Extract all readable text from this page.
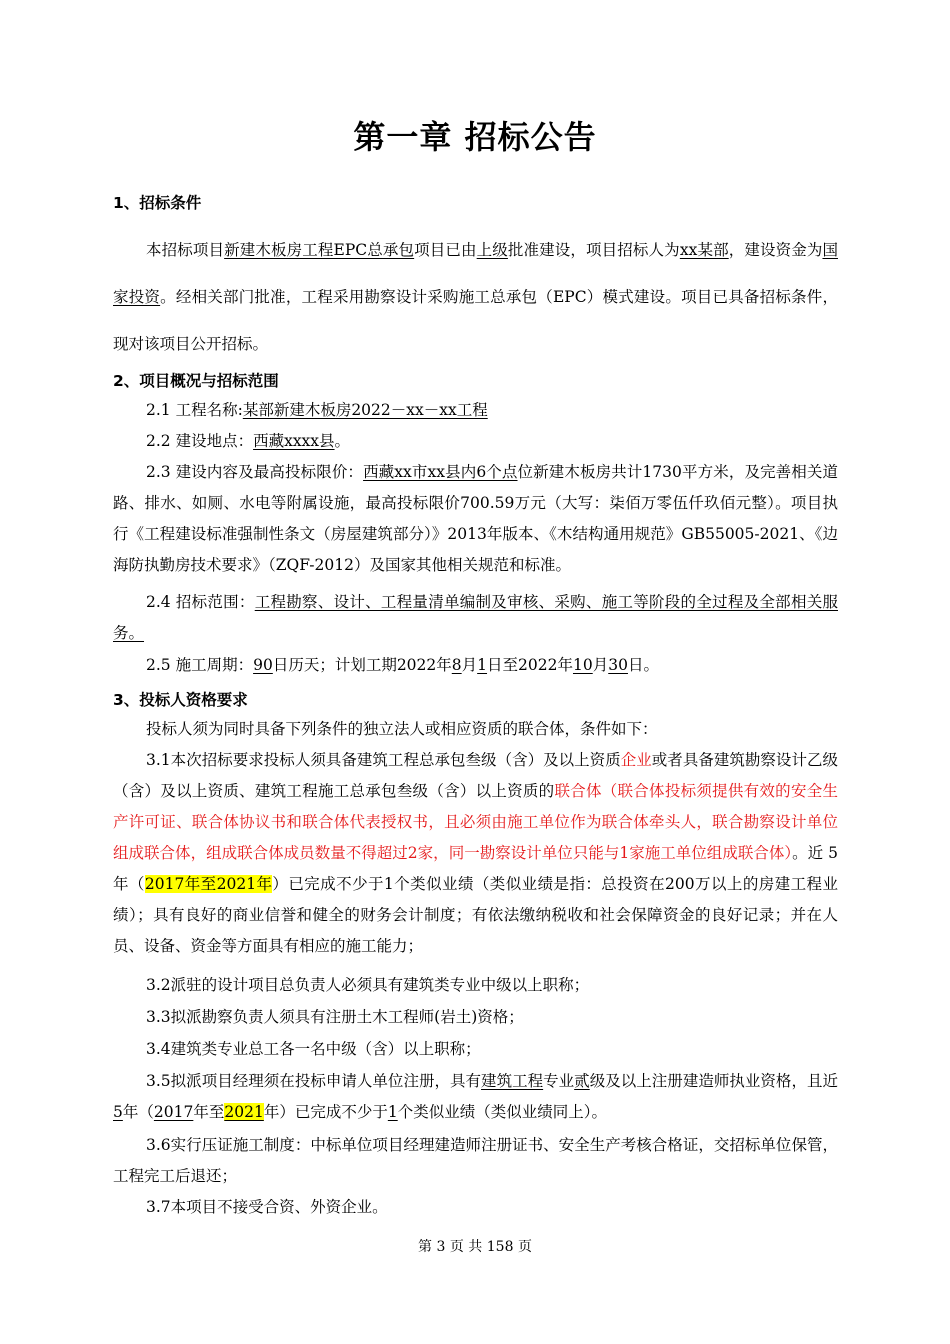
第一章 招标公告
1、招标条件

本招标项目新建木板房工程EPC总承包项目已由上级批准建设，项目招标人为xx某部，建设资金为国家投资。经相关部门批准，工程采用勘察设计采购施工总承包（EPC）模式建设。项目已具备招标条件，现对该项目公开招标。

2、项目概况与招标范围

2.1 工程名称:某部新建木板房2022－xx－xx工程

2.2 建设地点：西藏xxxx县。

2.3 建设内容及最高投标限价：西藏xx市xx县内6个点位新建木板房共计1730平方米，及完善相关道路、排水、如厕、水电等附属设施，最高投标限价700.59万元（大写：柒佰万零伍仟玖佰元整）。项目执行《工程建设标准强制性条文（房屋建筑部分）》2013年版本、《木结构通用规范》GB55005-2021、《边海防执勤房技术要求》（ZQF-2012）及国家其他相关规范和标准。

2.4 招标范围：工程勘察、设计、工程量清单编制及审核、采购、施工等阶段的全过程及全部相关服务。

2.5 施工周期：90日历天；计划工期2022年8月1日至2022年10月30日。

3、投标人资格要求

投标人须为同时具备下列条件的独立法人或相应资质的联合体，条件如下：

3.1本次招标要求投标人须具备建筑工程总承包叁级（含）及以上资质企业或者具备建筑勘察设计乙级（含）及以上资质、建筑工程施工总承包叁级（含）以上资质的联合体（联合体投标须提供有效的安全生产许可证、联合体协议书和联合体代表授权书，且必须由施工单位作为联合体牵头人，联合勘察设计单位组成联合体，组成联合体成员数量不得超过2家，同一勘察设计单位只能与1家施工单位组成联合体）。近 5 年（2017年至2021年）已完成不少于1个类似业绩（类似业绩是指：总投资在200万以上的房建工程业绩）；具有良好的商业信誉和健全的财务会计制度；有依法缴纳税收和社会保障资金的良好记录；并在人员、设备、资金等方面具有相应的施工能力；

3.2派驻的设计项目总负责人必须具有建筑类专业中级以上职称；

3.3拟派勘察负责人须具有注册土木工程师(岩土)资格；

3.4建筑类专业总工各一名中级（含）以上职称；

3.5拟派项目经理须在投标申请人单位注册，具有建筑工程专业贰级及以上注册建造师执业资格，且近5年（2017年至2021年）已完成不少于1个类似业绩（类似业绩同上）。

3.6实行压证施工制度：中标单位项目经理建造师注册证书、安全生产考核合格证，交招标单位保管，工程完工后退还；

3.7本项目不接受合资、外资企业。

第 3 页 共 158 页
